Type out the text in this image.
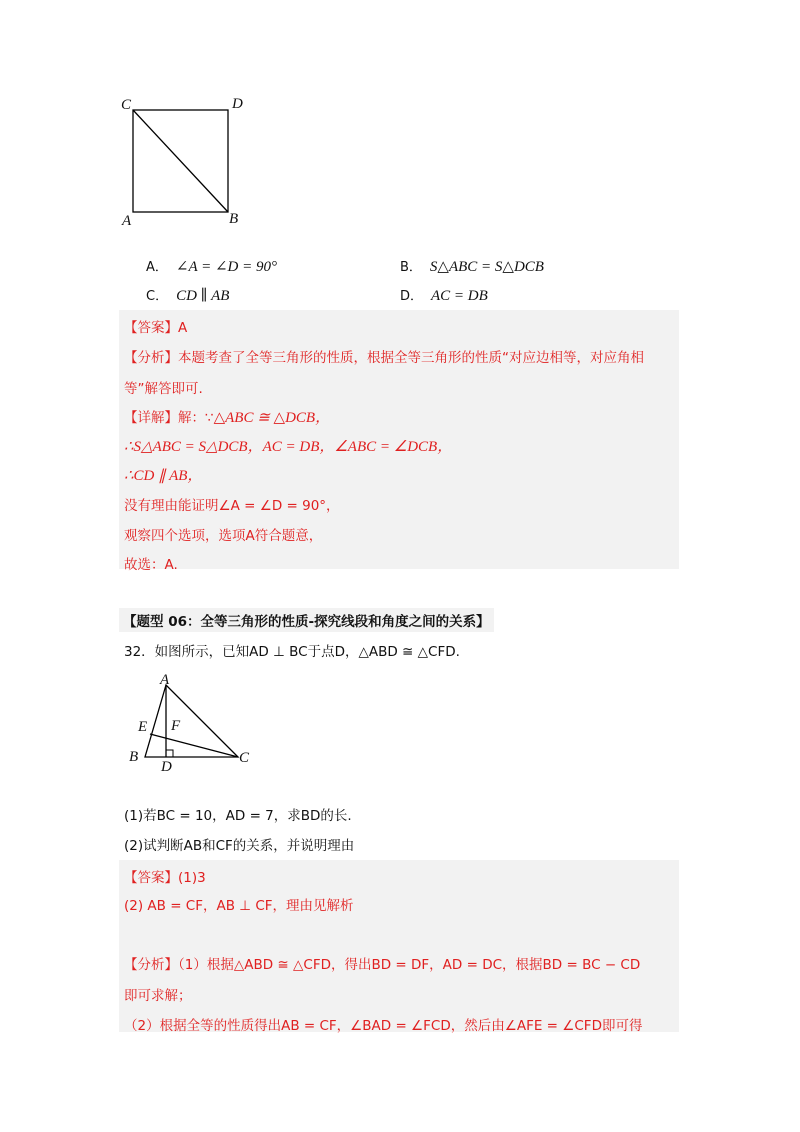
C	D
A	B
A． ∠A = ∠D = 90°	B． S△ABC = S△DCB
C． CD ∥ AB	D． AC = DB
【答案】A
【分析】本题考查了全等三角形的性质，根据全等三角形的性质“对应边相等，对应角相
等”解答即可.
【详解】解：∵△ABC ≅ △DCB，
∴S△ABC = S△DCB，AC = DB，∠ABC = ∠DCB，
∴CD ∥ AB，
没有理由能证明∠A = ∠D = 90°，
观察四个选项，选项A符合题意，
故选：A.
【题型 06：全等三角形的性质-探究线段和角度之间的关系】
32．如图所示，已知AD ⊥ BC于点D，△ABD ≅ △CFD.
A
E F
B
D
C
(1)若BC = 10，AD = 7，求BD的长.
(2)试判断AB和CF的关系，并说明理由
【答案】(1)3
(2) AB = CF，AB ⊥ CF，理由见解析
【分析】（1）根据△ABD ≅ △CFD，得出BD = DF，AD = DC，根据BD = BC − CD
即可求解；
（2）根据全等的性质得出AB = CF，∠BAD = ∠FCD，然后由∠AFE = ∠CFD即可得
